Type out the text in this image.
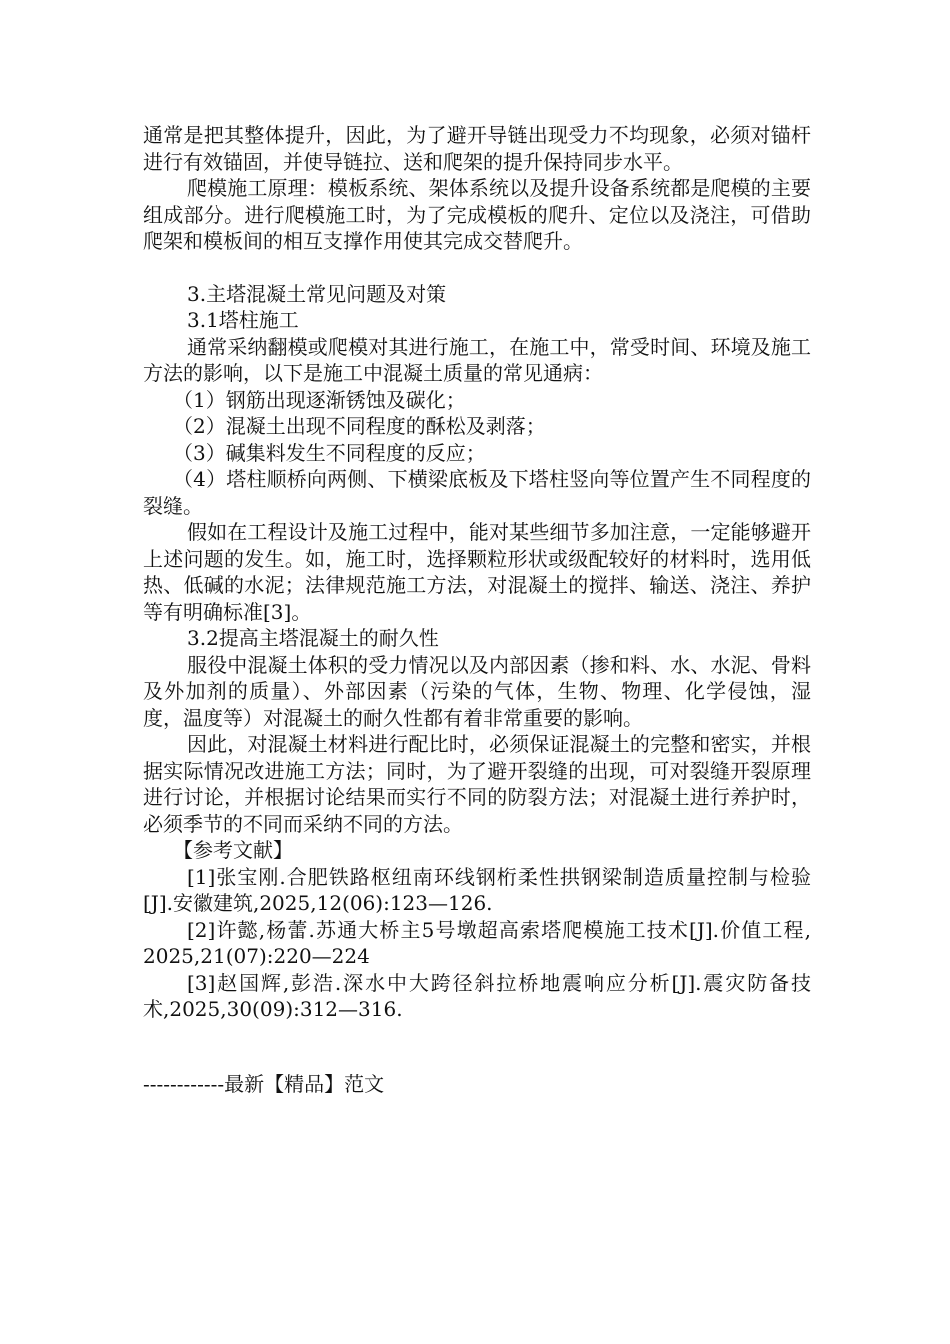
通常是把其整体提升，因此，为了避开导链出现受力不均现象，必须对锚杆进行有效锚固，并使导链拉、送和爬架的提升保持同步水平。

爬模施工原理：模板系统、架体系统以及提升设备系统都是爬模的主要组成部分。进行爬模施工时，为了完成模板的爬升、定位以及浇注，可借助爬架和模板间的相互支撑作用使其完成交替爬升。

3.主塔混凝土常见问题及对策

3.1塔柱施工

通常采纳翻模或爬模对其进行施工，在施工中，常受时间、环境及施工方法的影响，以下是施工中混凝土质量的常见通病：

（1）钢筋出现逐渐锈蚀及碳化；

（2）混凝土出现不同程度的酥松及剥落；

（3）碱集料发生不同程度的反应；

（4）塔柱顺桥向两侧、下横梁底板及下塔柱竖向等位置产生不同程度的裂缝。

假如在工程设计及施工过程中，能对某些细节多加注意，一定能够避开上述问题的发生。如，施工时，选择颗粒形状或级配较好的材料时，选用低热、低碱的水泥；法律规范施工方法，对混凝土的搅拌、输送、浇注、养护等有明确标准[3]。

3.2提高主塔混凝土的耐久性

服役中混凝土体积的受力情况以及内部因素（掺和料、水、水泥、骨料及外加剂的质量）、外部因素（污染的气体，生物、物理、化学侵蚀，湿度，温度等）对混凝土的耐久性都有着非常重要的影响。

因此，对混凝土材料进行配比时，必须保证混凝土的完整和密实，并根据实际情况改进施工方法；同时，为了避开裂缝的出现，可对裂缝开裂原理进行讨论，并根据讨论结果而实行不同的防裂方法；对混凝土进行养护时，必须季节的不同而采纳不同的方法。

【参考文献】

[1]张宝刚.合肥铁路枢纽南环线钢桁柔性拱钢梁制造质量控制与检验[J].安徽建筑,2025,12(06):123—126.

[2]许懿,杨蕾.苏通大桥主5号墩超高索塔爬模施工技术[J].价值工程, 2025,21(07):220—224

[3]赵国辉,彭浩.深水中大跨径斜拉桥地震响应分析[J].震灾防备技术,2025,30(09):312—316.

------------最新【精品】范文
